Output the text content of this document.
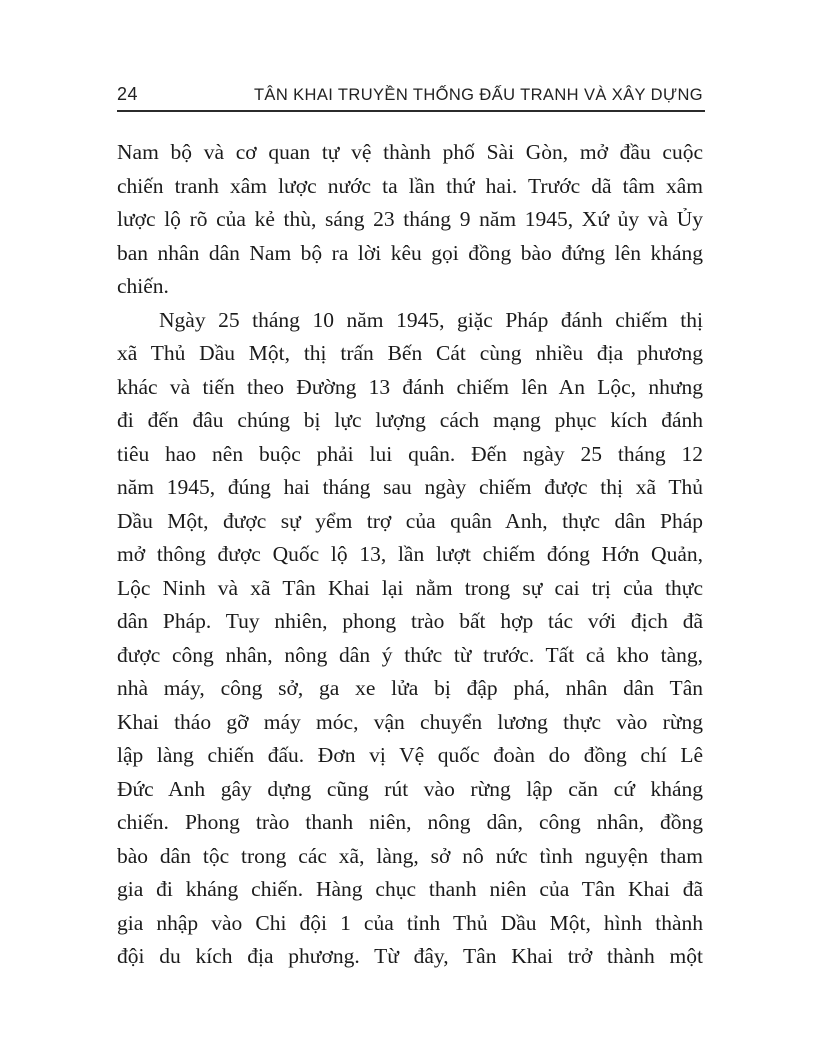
24	TÂN KHAI TRUYỀN THỐNG ĐẤU TRANH VÀ XÂY DỰNG
Nam bộ và cơ quan tự vệ thành phố Sài Gòn, mở đầu cuộc
chiến tranh xâm lược nước ta lần thứ hai. Trước dã tâm xâm
lược lộ rõ của kẻ thù, sáng 23 tháng 9 năm 1945, Xứ ủy và Ủy
ban nhân dân Nam bộ ra lời kêu gọi đồng bào đứng lên kháng
chiến.
Ngày 25 tháng 10 năm 1945, giặc Pháp đánh chiếm thị
xã Thủ Dầu Một, thị trấn Bến Cát cùng nhiều địa phương
khác và tiến theo Đường 13 đánh chiếm lên An Lộc, nhưng
đi đến đâu chúng bị lực lượng cách mạng phục kích đánh
tiêu hao nên buộc phải lui quân. Đến ngày 25 tháng 12
năm 1945, đúng hai tháng sau ngày chiếm được thị xã Thủ
Dầu Một, được sự yểm trợ của quân Anh, thực dân Pháp
mở thông được Quốc lộ 13, lần lượt chiếm đóng Hớn Quản,
Lộc Ninh và xã Tân Khai lại nằm trong sự cai trị của thực
dân Pháp. Tuy nhiên, phong trào bất hợp tác với địch đã
được công nhân, nông dân ý thức từ trước. Tất cả kho tàng,
nhà máy, công sở, ga xe lửa bị đập phá, nhân dân Tân
Khai tháo gỡ máy móc, vận chuyển lương thực vào rừng
lập làng chiến đấu. Đơn vị Vệ quốc đoàn do đồng chí Lê
Đức Anh gây dựng cũng rút vào rừng lập căn cứ kháng
chiến. Phong trào thanh niên, nông dân, công nhân, đồng
bào dân tộc trong các xã, làng, sở nô nức tình nguyện tham
gia đi kháng chiến. Hàng chục thanh niên của Tân Khai đã
gia nhập vào Chi đội 1 của tỉnh Thủ Dầu Một, hình thành
đội du kích địa phương. Từ đây, Tân Khai trở thành một
